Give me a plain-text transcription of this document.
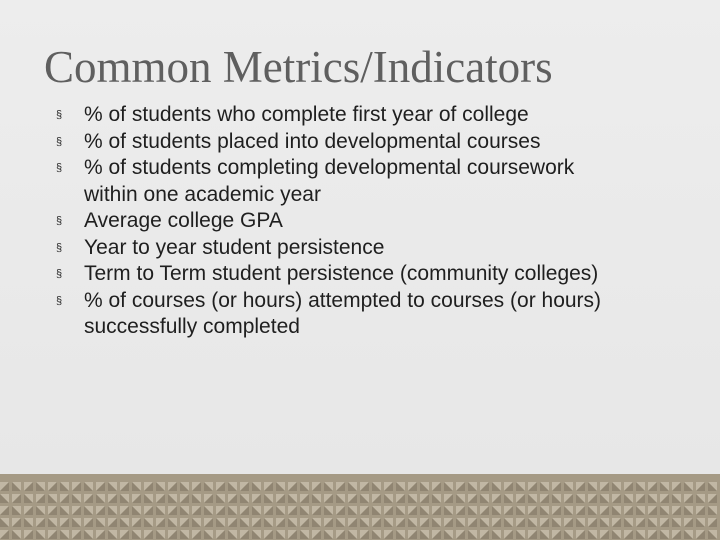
Common Metrics/Indicators
§	% of students who complete first year of college
§	% of students placed into developmental courses
§	% of students completing developmental coursework
within one academic year
§	Average college GPA
§	Year to year student persistence
§	Term to Term student persistence (community colleges)
§	% of courses (or hours) attempted to courses (or hours)
successfully completed
